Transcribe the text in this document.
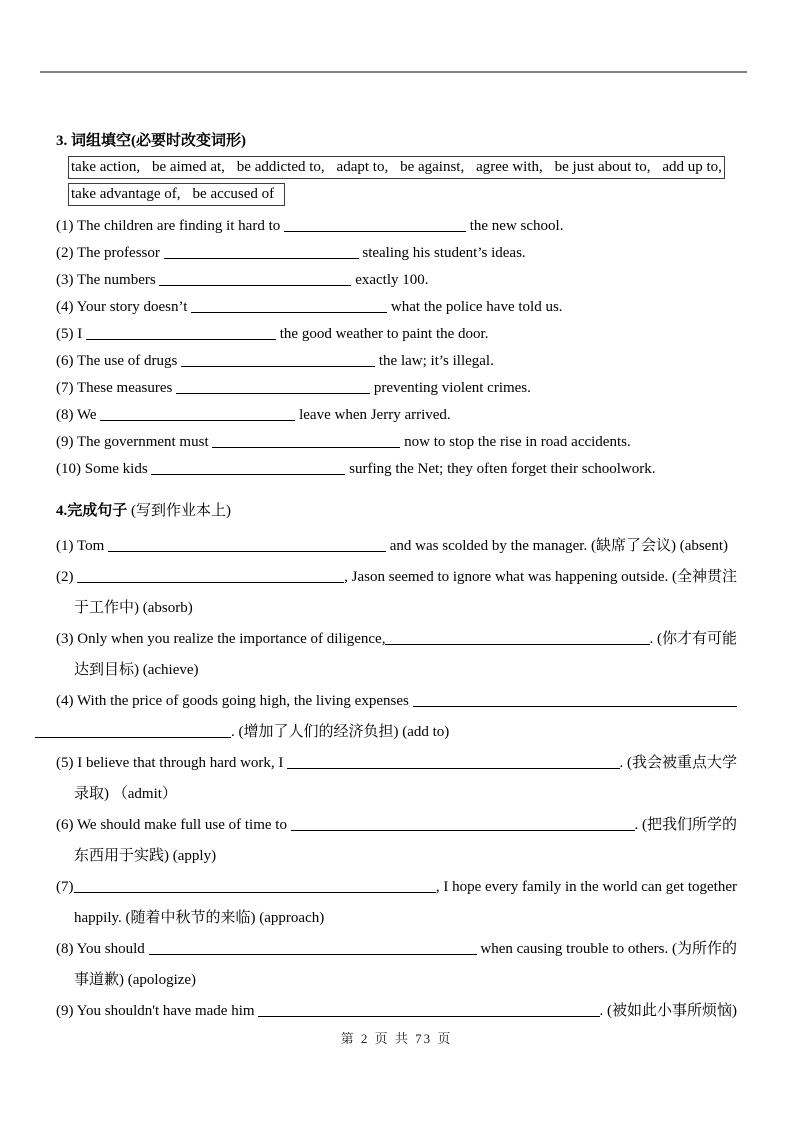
3. 词组填空(必要时改变词形)
take action, be aimed at, be addicted to, adapt to, be against, agree with, be just about to, add up to,
take advantage of, be accused of
(1) The children are finding it hard to	the new school.
(2) The professor	stealing his student’s ideas.
(3) The numbers	exactly 100.
(4) Your story doesn’t	what the police have told us.
(5) I	the good weather to paint the door.
(6) The use of drugs	the law; it’s illegal.
(7) These measures	preventing violent crimes.
(8) We	leave when Jerry arrived.
(9) The government must	now to stop the rise in road accidents.
(10) Some kids	surfing the Net; they often forget their schoolwork.
4.完成句子 (写到作业本上)
(1) Tom	and was scolded by the manager. (缺席了会议) (absent)
(2)	, Jason seemed to ignore what was happening outside. (全神贯注
于工作中) (absorb)
(3) Only when you realize the importance of diligence,	. (你才有可能
达到目标) (achieve)
(4) With the price of goods going high, the living expenses
. (增加了人们的经济负担) (add to)
(5) I believe that through hard work, I	. (我会被重点大学
录取) （admit）
(6) We should make full use of time to	. (把我们所学的
东西用于实践) (apply)
(7)	, I hope every family in the world can get together
happily. (随着中秋节的来临) (approach)
(8) You should	when causing trouble to others. (为所作的
事道歉) (apologize)
(9) You shouldn't have made him	. (被如此小事所烦恼)
第 2 页 共 73 页
